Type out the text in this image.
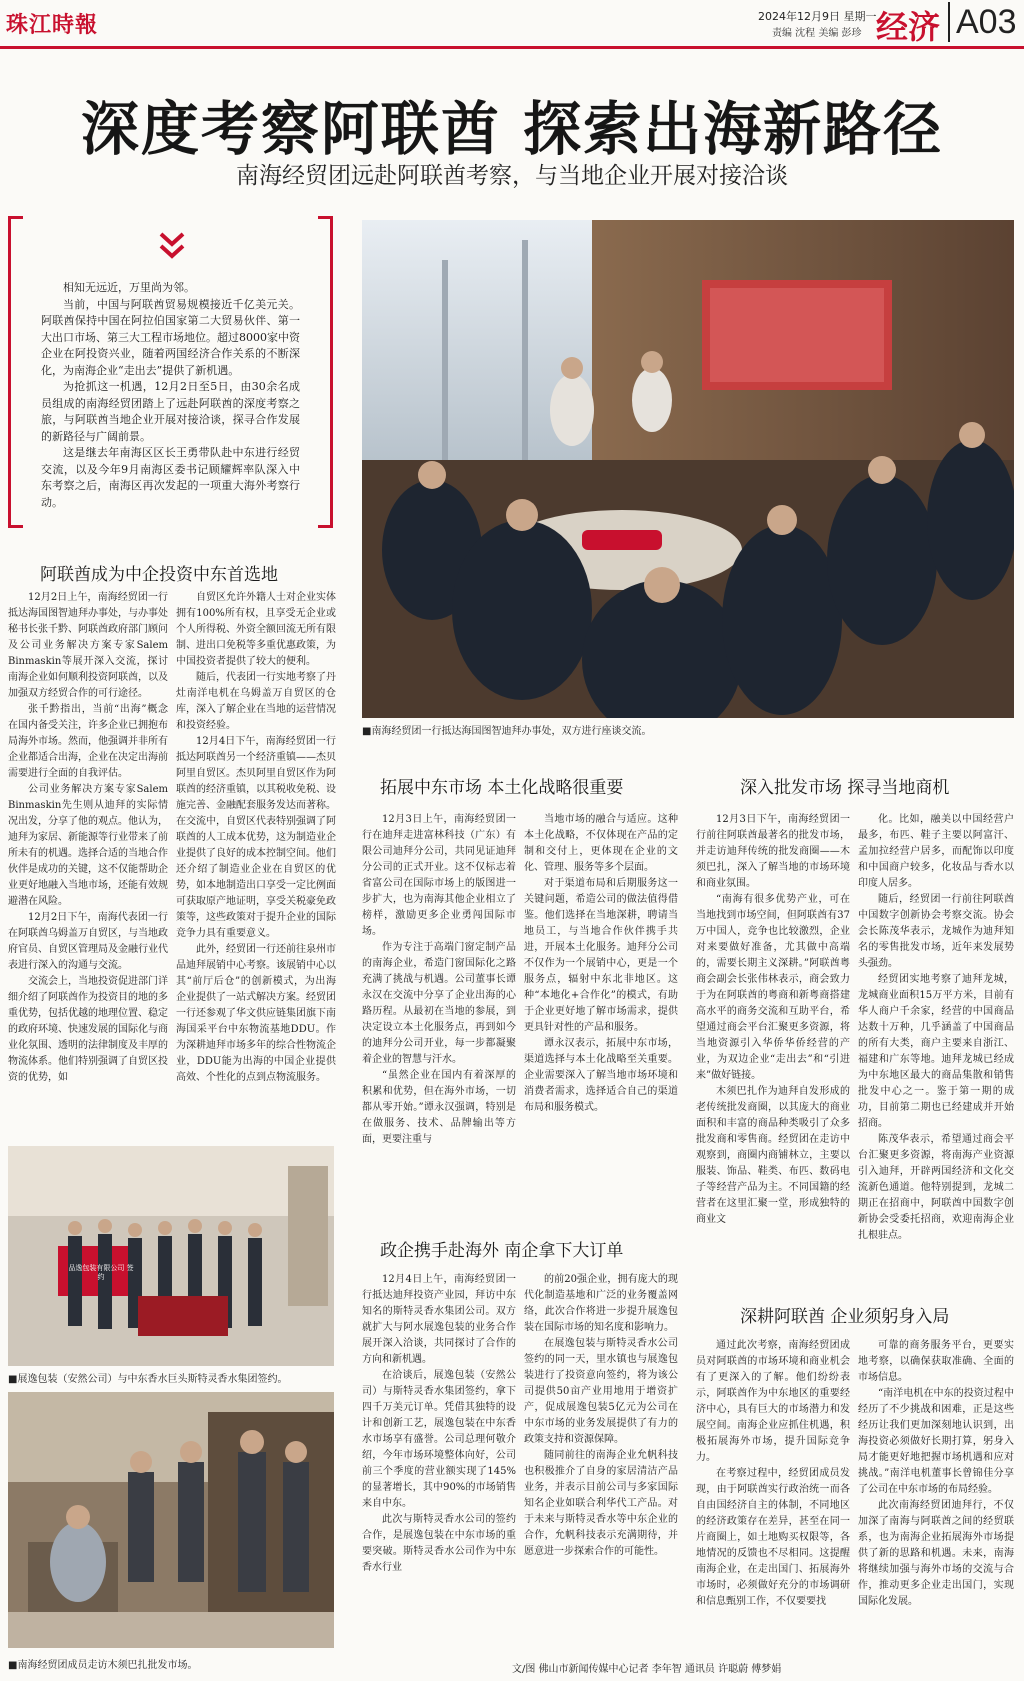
珠江時報	2024年12月9日 星期一
责编 沈程 美编 彭珍 经济 A03
深度考察阿联酋 探索出海新路径
南海经贸团远赴阿联酋考察，与当地企业开展对接洽谈

相知无远近，万里尚为邻。

当前，中国与阿联酋贸易规模接近千亿美元关。阿联酋保持中国在阿拉伯国家第二大贸易伙伴、第一大出口市场、第三大工程市场地位。超过8000家中资企业在阿投资兴业，随着两国经济合作关系的不断深化，为南海企业“走出去”提供了新机遇。

为抢抓这一机遇，12月2日至5日，由30余名成员组成的南海经贸团踏上了远赴阿联酋的深度考察之旅，与阿联酋当地企业开展对接洽谈，探寻合作发展的新路径与广阔前景。

这是继去年南海区区长王勇带队赴中东进行经贸交流，以及今年9月南海区委书记顾耀辉率队深入中东考察之后，南海区再次发起的一项重大海外考察行动。

■南海经贸团一行抵达海国图智迪拜办事处，双方进行座谈交流。
阿联酋成为中企投资中东首选地

12月2日上午，南海经贸团一行抵达海国图智迪拜办事处，与办事处秘书长张千黔、阿联酋政府部门顾问及公司业务解决方案专家Salem Binmaskin等展开深入交流，探讨南海企业如何顺利投资阿联酋，以及加强双方经贸合作的可行途径。

张千黔指出，当前“出海”概念在国内备受关注，许多企业已拥抱布局海外市场。然而，他强调并非所有企业都适合出海，企业在决定出海前需要进行全面的自我评估。

公司业务解决方案专家Salem Binmaskin先生则从迪拜的实际情况出发，分享了他的观点。他认为，迪拜为家居、新能源等行业带来了前所未有的机遇。选择合适的当地合作伙伴是成功的关键，这不仅能帮助企业更好地融入当地市场，还能有效规避潜在风险。

12月2日下午，南海代表团一行在阿联酋乌姆盖万自贸区，与当地政府官员、自贸区管理局及金融行业代表进行深入的沟通与交流。

交流会上，当地投资促进部门详细介绍了阿联酋作为投资目的地的多重优势，包括优越的地理位置、稳定的政府环境、快速发展的国际化与商业化氛围、透明的法律制度及丰厚的物流体系。他们特别强调了自贸区投资的优势，如

自贸区允许外籍人士对企业实体拥有100%所有权，且享受无企业或个人所得税、外资全额回流无所有限制、进出口免税等多重优惠政策，为中国投资者提供了较大的便利。

随后，代表团一行实地考察了丹灶南洋电机在乌姆盖万自贸区的仓库，深入了解企业在当地的运营情况和投资经验。

12月4日下午，南海经贸团一行抵达阿联酋另一个经济重镇——杰贝阿里自贸区。杰贝阿里自贸区作为阿联酋的经济重镇，以其税收免税、设施完善、金融配套服务发达而著称。在交流中，自贸区代表特别强调了阿联酋的人工成本优势，这为制造业企业提供了良好的成本控制空间。他们还介绍了制造业企业在自贸区的优势，如本地制造出口享受一定比例面可获取原产地证明，享受关税豪免政策等，这些政策对于提升企业的国际竞争力具有重要意义。

此外，经贸团一行还前往泉州市品迪拜展销中心考察。该展销中心以其“前厅后仓”的创新模式，为出海企业提供了一站式解决方案。经贸团一行还参观了华文供应链集团旗下南海国采平台中东物流基地DDU。作为深耕迪拜市场多年的综合性物流企业，DDU能为出海的中国企业提供高效、个性化的点到点物流服务。

品逸包装有限公司 签约
■展逸包装（安然公司）与中东香水巨头斯特灵香水集团签约。
■南海经贸团成员走访木须巴扎批发市场。
拓展中东市场 本土化战略很重要

12月3日上午，南海经贸团一行在迪拜走进富林科技（广东）有限公司迪拜分公司，共同见证迪拜分公司的正式开业。这不仅标志着省富公司在国际市场上的版图进一步扩大，也为南海其他企业相立了榜样，激励更多企业勇闯国际市场。

作为专注于高端门窗定制产品的南海企业，希造门窗国际化之路充满了挑战与机遇。公司董事长谭永汉在交流中分享了企业出海的心路历程。从最初在当地的参展，到决定设立本土化服务点，再到如今的迪拜分公司开业，每一步都凝聚着企业的智慧与汗水。

“虽然企业在国内有着深厚的积累和优势，但在海外市场，一切都从零开始。”谭永汉强调，特别是在做服务、技术、品牌输出等方面，更要注重与

当地市场的融合与适应。这种本土化战略，不仅体现在产品的定制和交付上，更体现在企业的文化、管理、服务等多个层面。

对于渠道布局和后期服务这一关键问题，希造公司的做法值得借鉴。他们选择在当地深耕，聘请当地员工，与当地合作伙伴携手共进，开展本土化服务。迪拜分公司不仅作为一个展销中心，更是一个服务点，辐射中东北非地区。这种“本地化+合作化”的模式，有助于企业更好地了解市场需求，提供更具针对性的产品和服务。

谭永汉表示，拓展中东市场，渠道选择与本土化战略至关重要。企业需要深入了解当地市场环境和消费者需求，选择适合自己的渠道布局和服务模式。

深入批发市场 探寻当地商机

12月3日下午，南海经贸团一行前往阿联酋最著名的批发市场，并走访迪拜传统的批发商圈——木须巴扎，深入了解当地的市场环境和商业氛围。

“南海有很多优势产业，可在当地找到市场空间，但阿联酋有37万中国人，竞争也比较激烈，企业对来要做好准备，尤其做中高端的，需要长期主义深耕。”阿联酋粤商会副会长张伟林表示，商会致力于为在阿联酋的粤商和新粤商搭建高水平的商务交流和互助平台，希望通过商会平台汇聚更多资源，将当地资源引入华侨华侨经营的产业，为双边企业“走出去”和“引进来”做好链接。

木须巴扎作为迪拜自发形成的老传统批发商圈，以其庞大的商业面积和丰富的商品种类吸引了众多批发商和零售商。经贸团在走访中观察到，商圈内商铺林立，主要以服装、饰品、鞋类、布匹、数码电子等经营产品为主。不同国籍的经营者在这里汇聚一堂，形成独特的商业文

化。比如，融美以中国经营户最多，布匹、鞋子主要以阿富汗、孟加拉经营户居多，而配饰以印度和中国商户较多，化妆品与香水以印度人居多。

随后，经贸团一行前往阿联酋中国数字创新协会考察交流。协会会长陈茂华表示，龙城作为迪拜知名的零售批发市场，近年来发展势头强劲。

经贸团实地考察了迪拜龙城，龙城商业面积15万平方米，目前有华人商户千余家，经营的中国商品达数十万种，几乎涵盖了中国商品的所有大类，商户主要来自浙江、福建和广东等地。迪拜龙城已经成为中东地区最大的商品集散和销售批发中心之一。鉴于第一期的成功，目前第二期也已经建成并开始招商。

陈茂华表示，希望通过商会平台汇聚更多资源，将南海产业资源引入迪拜，开辟两国经济和文化交流新色通道。他特别提到，龙城二期正在招商中，阿联酋中国数字创新协会受委托招商，欢迎南海企业扎根驻点。

政企携手赴海外 南企拿下大订单

12月4日上午，南海经贸团一行抵达迪拜投资产业园，拜访中东知名的斯特灵香水集团公司。双方就扩大与阿水展逸包装的业务合作展开深入洽谈，共同探讨了合作的方向和新机遇。

在洽谈后，展逸包装（安然公司）与斯特灵香水集团签约，拿下四千万美元订单。凭借其独特的设计和创新工艺，展逸包装在中东香水市场享有盛誉。公司总理何敬介绍，今年市场环境整体向好，公司前三个季度的营业额实现了145%的显著增长，其中90%的市场销售来自中东。

此次与斯特灵香水公司的签约合作，是展逸包装在中东市场的重要突破。斯特灵香水公司作为中东香水行业

的前20强企业，拥有庞大的现代化制造基地和广泛的业务覆盖网络，此次合作将进一步提升展逸包装在国际市场的知名度和影响力。

在展逸包装与斯特灵香水公司签约的同一天，里水镇也与展逸包装进行了投资意向签约，将为该公司提供50亩产业用地用于增资扩产，促成展逸包装5亿元为公司在中东市场的业务发展提供了有力的政策支持和资源保障。

随同前往的南海企业允帆科技也积极推介了自身的家居清洁产品业务，并表示目前公司与多家国际知名企业如联合利华代工产品。对于未来与斯特灵香水等中东企业的合作，允帆科技表示充满期待，并愿意进一步探索合作的可能性。

深耕阿联酋 企业须躬身入局

通过此次考察，南海经贸团成员对阿联酋的市场环境和商业机会有了更深入的了解。他们纷纷表示，阿联酋作为中东地区的重要经济中心，具有巨大的市场潜力和发展空间。南海企业应抓住机遇，积极拓展海外市场，提升国际竞争力。

在考察过程中，经贸团成员发现，由于阿联酋实行政治统一而各自由国经济自主的体制，不同地区的经济政策存在差异，甚至在同一片商圈上，如土地购买权限等，各地情况的反馈也不尽相同。这提醒南海企业，在走出国门、拓展海外市场时，必须做好充分的市场调研和信息甄别工作，不仅要要找

可靠的商务服务平台，更要实地考察，以确保获取准确、全面的市场信息。

“南洋电机在中东的投资过程中经历了不少挑战和困难，正是这些经历让我们更加深刻地认识到，出海投资必须做好长期打算，躬身入局才能更好地把握市场机遇和应对挑战。”南洋电机董事长曾锦佳分享了公司在中东市场的布局经验。

此次南海经贸团迪拜行，不仅加深了南海与阿联酋之间的经贸联系，也为南海企业拓展海外市场提供了新的思路和机遇。未来，南海将继续加强与海外市场的交流与合作，推动更多企业走出国门，实现国际化发展。

文/图 佛山市新闻传媒中心记者 李年智 通讯员 许聪蔚 傅梦娟
